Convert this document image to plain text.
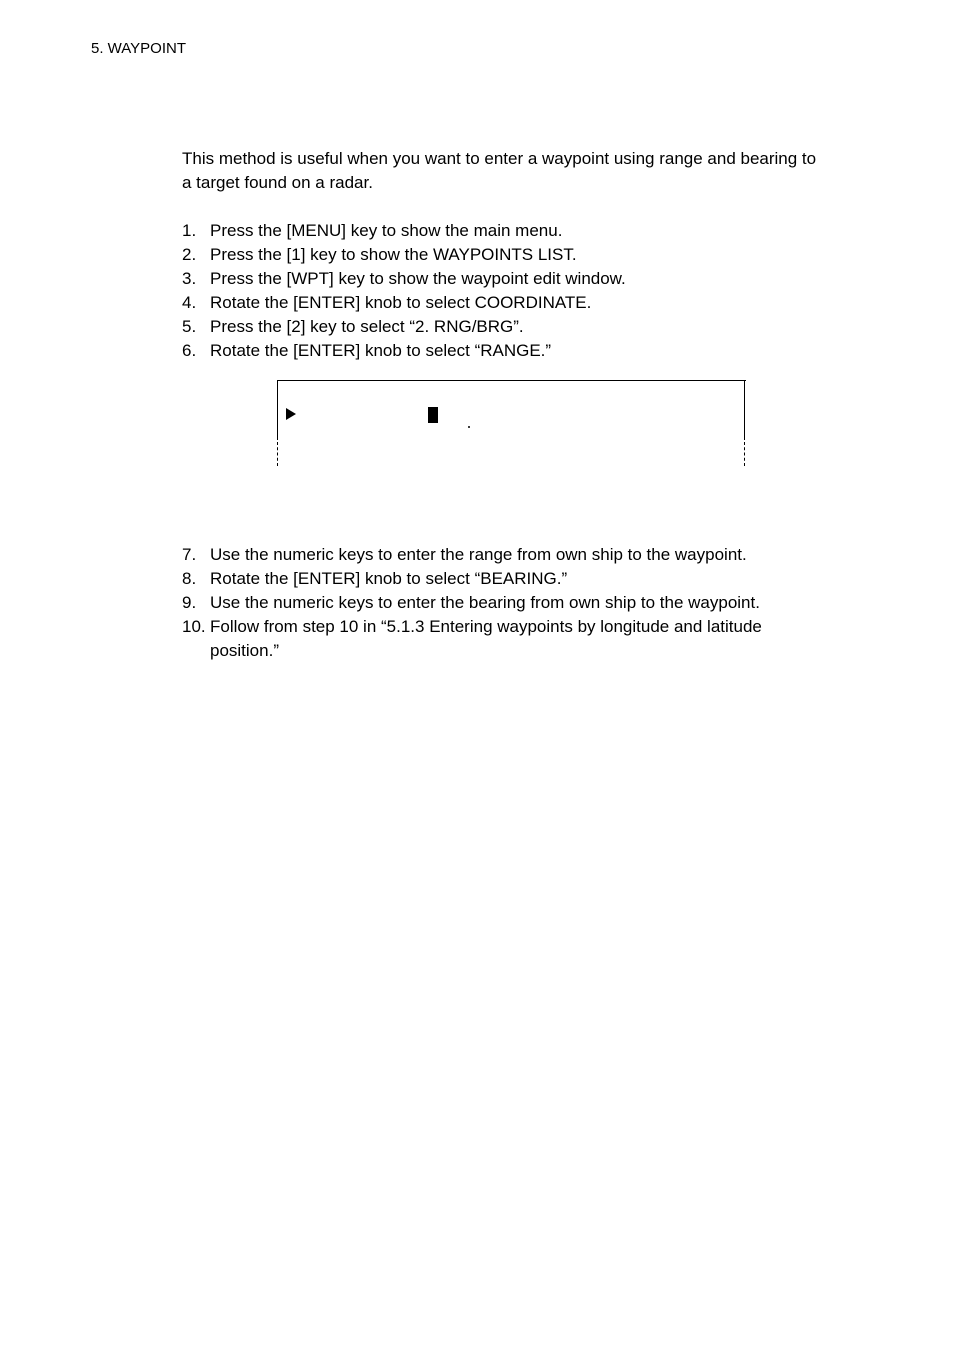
5. WAYPOINT

This method is useful when you want to enter a waypoint using range and bearing to a target found on a radar.

1. Press the [MENU] key to show the main menu.
2. Press the [1] key to show the WAYPOINTS LIST.
3. Press the [WPT] key to show the waypoint edit window.
4. Rotate the [ENTER] knob to select COORDINATE.
5. Press the [2] key to select “2. RNG/BRG”.
6. Rotate the [ENTER] knob to select “RANGE.”
7. Use the numeric keys to enter the range from own ship to the waypoint.
8. Rotate the [ENTER] knob to select “BEARING.”
9. Use the numeric keys to enter the bearing from own ship to the waypoint.
10. Follow from step 10 in “5.1.3 Entering waypoints by longitude and latitude position.”
